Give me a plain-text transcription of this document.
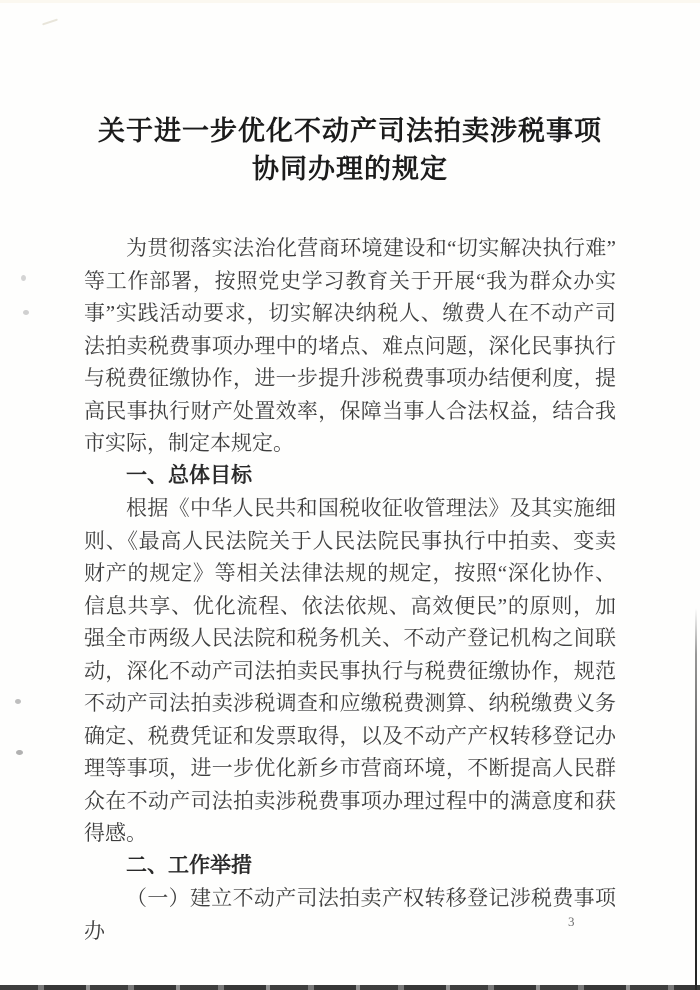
关于进一步优化不动产司法拍卖涉税事项
协同办理的规定

为贯彻落实法治化营商环境建设和“切实解决执行难”等工作部署，按照党史学习教育关于开展“我为群众办实事”实践活动要求，切实解决纳税人、缴费人在不动产司法拍卖税费事项办理中的堵点、难点问题，深化民事执行与税费征缴协作，进一步提升涉税费事项办结便利度，提高民事执行财产处置效率，保障当事人合法权益，结合我市实际，制定本规定。

一、总体目标

根据《中华人民共和国税收征收管理法》及其实施细则、《最高人民法院关于人民法院民事执行中拍卖、变卖财产的规定》等相关法律法规的规定，按照“深化协作、信息共享、优化流程、依法依规、高效便民”的原则，加强全市两级人民法院和税务机关、不动产登记机构之间联动，深化不动产司法拍卖民事执行与税费征缴协作，规范不动产司法拍卖涉税调查和应缴税费测算、纳税缴费义务确定、税费凭证和发票取得，以及不动产产权转移登记办理等事项，进一步优化新乡市营商环境，不断提高人民群众在不动产司法拍卖涉税费事项办理过程中的满意度和获得感。

二、工作举措

（一）建立不动产司法拍卖产权转移登记涉税费事项办	3
